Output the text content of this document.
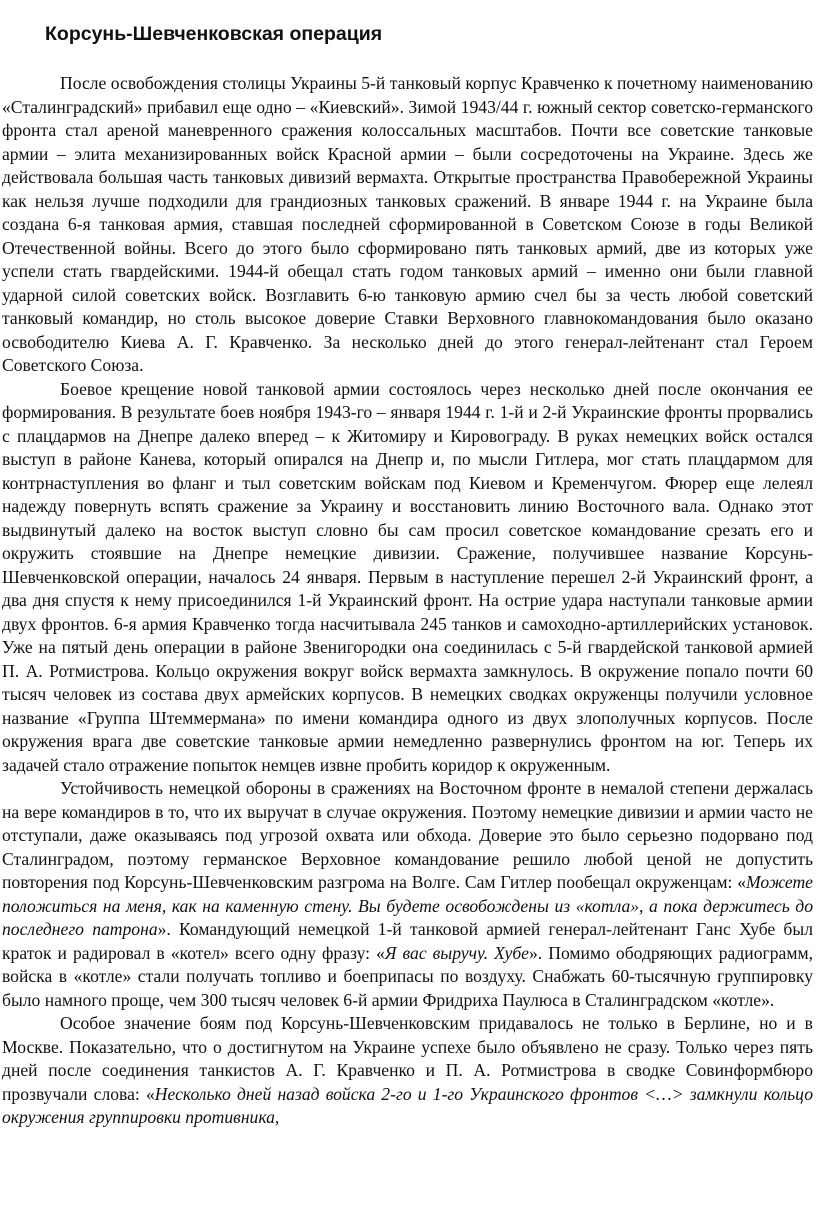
Корсунь-Шевченковская операция

После освобождения столицы Украины 5-й танковый корпус Кравченко к почетному наименованию «Сталинградский» прибавил еще одно – «Киевский». Зимой 1943/44 г. южный сектор советско-германского фронта стал ареной маневренного сражения колоссальных масштабов. Почти все советские танковые армии – элита механизированных войск Красной армии – были сосредоточены на Украине. Здесь же действовала большая часть танковых дивизий вермахта. Открытые пространства Правобережной Украины как нельзя лучше подходили для грандиозных танковых сражений. В январе 1944 г. на Украине была создана 6-я танковая армия, ставшая последней сформированной в Советском Союзе в годы Великой Отечественной войны. Всего до этого было сформировано пять танковых армий, две из которых уже успели стать гвардейскими. 1944-й обещал стать годом танковых армий – именно они были главной ударной силой советских войск. Возглавить 6-ю танковую армию счел бы за честь любой советский танковый командир, но столь высокое доверие Ставки Верховного главнокомандования было оказано освободителю Киева А. Г. Кравченко. За несколько дней до этого генерал-лейтенант стал Героем Советского Союза.

Боевое крещение новой танковой армии состоялось через несколько дней после окончания ее формирования. В результате боев ноября 1943-го – января 1944 г. 1-й и 2-й Украинские фронты прорвались с плацдармов на Днепре далеко вперед – к Житомиру и Кировограду. В руках немецких войск остался выступ в районе Канева, который опирался на Днепр и, по мысли Гитлера, мог стать плацдармом для контрнаступления во фланг и тыл советским войскам под Киевом и Кременчугом. Фюрер еще лелеял надежду повернуть вспять сражение за Украину и восстановить линию Восточного вала. Однако этот выдвинутый далеко на восток выступ словно бы сам просил советское командование срезать его и окружить стоявшие на Днепре немецкие дивизии. Сражение, получившее название Корсунь-Шевченковской операции, началось 24 января. Первым в наступление перешел 2-й Украинский фронт, а два дня спустя к нему присоединился 1-й Украинский фронт. На острие удара наступали танковые армии двух фронтов. 6-я армия Кравченко тогда насчитывала 245 танков и самоходно-артиллерийских установок. Уже на пятый день операции в районе Звенигородки она соединилась с 5-й гвардейской танковой армией П. А. Ротмистрова. Кольцо окружения вокруг войск вермахта замкнулось. В окружение попало почти 60 тысяч человек из состава двух армейских корпусов. В немецких сводках окруженцы получили условное название «Группа Штеммермана» по имени командира одного из двух злополучных корпусов. После окружения врага две советские танковые армии немедленно развернулись фронтом на юг. Теперь их задачей стало отражение попыток немцев извне пробить коридор к окруженным.

Устойчивость немецкой обороны в сражениях на Восточном фронте в немалой степени держалась на вере командиров в то, что их выручат в случае окружения. Поэтому немецкие дивизии и армии часто не отступали, даже оказываясь под угрозой охвата или обхода. Доверие это было серьезно подорвано под Сталинградом, поэтому германское Верховное командование решило любой ценой не допустить повторения под Корсунь-Шевченковским разгрома на Волге. Сам Гитлер пообещал окруженцам: «Можете положиться на меня, как на каменную стену. Вы будете освобождены из «котла», а пока держитесь до последнего патрона». Командующий немецкой 1-й танковой армией генерал-лейтенант Ганс Хубе был краток и радировал в «котел» всего одну фразу: «Я вас выручу. Хубе». Помимо ободряющих радиограмм, войска в «котле» стали получать топливо и боеприпасы по воздуху. Снабжать 60-тысячную группировку было намного проще, чем 300 тысяч человек 6-й армии Фридриха Паулюса в Сталинградском «котле».

Особое значение боям под Корсунь-Шевченковским придавалось не только в Берлине, но и в Москве. Показательно, что о достигнутом на Украине успехе было объявлено не сразу. Только через пять дней после соединения танкистов А. Г. Кравченко и П. А. Ротмистрова в сводке Совинформбюро прозвучали слова: «Несколько дней назад войска 2-го и 1-го Украинского фронтов <…> замкнули кольцо окружения группировки противника,
